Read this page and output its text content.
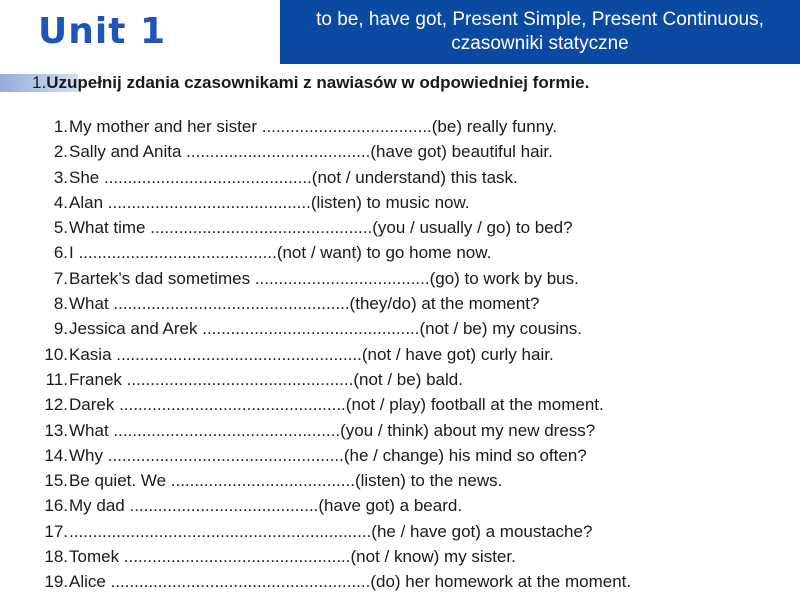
Unit 1	to be, have got, Present Simple, Present Continuous,
czasowniki statyczne
1.Uzupełnij zdania czasownikami z nawiasów w odpowiedniej formie.
1. My mother and her sister ....................................(be) really funny.
2. Sally and Anita .......................................(have got) beautiful hair.
3. She ............................................(not / understand) this task.
4. Alan ...........................................(listen) to music now.
5. What time ...............................................(you / usually / go) to bed?
6. I ..........................................(not / want) to go home now.
7. Bartek’s dad sometimes .....................................(go) to work by bus.
8. What ..................................................(they/do) at the moment?
9. Jessica and Arek ..............................................(not / be) my cousins.
10. Kasia ....................................................(not / have got) curly hair.
11. Franek ................................................(not / be) bald.
12. Darek ................................................(not / play) football at the moment.
13. What ................................................(you / think) about my new dress?
14. Why ..................................................(he / change) his mind so often?
15. Be quiet. We .......................................(listen) to the news.
16. My dad ........................................(have got) a beard.
17. ................................................................(he / have got) a moustache?
18. Tomek ................................................(not / know) my sister.
19. Alice .......................................................(do) her homework at the moment.
